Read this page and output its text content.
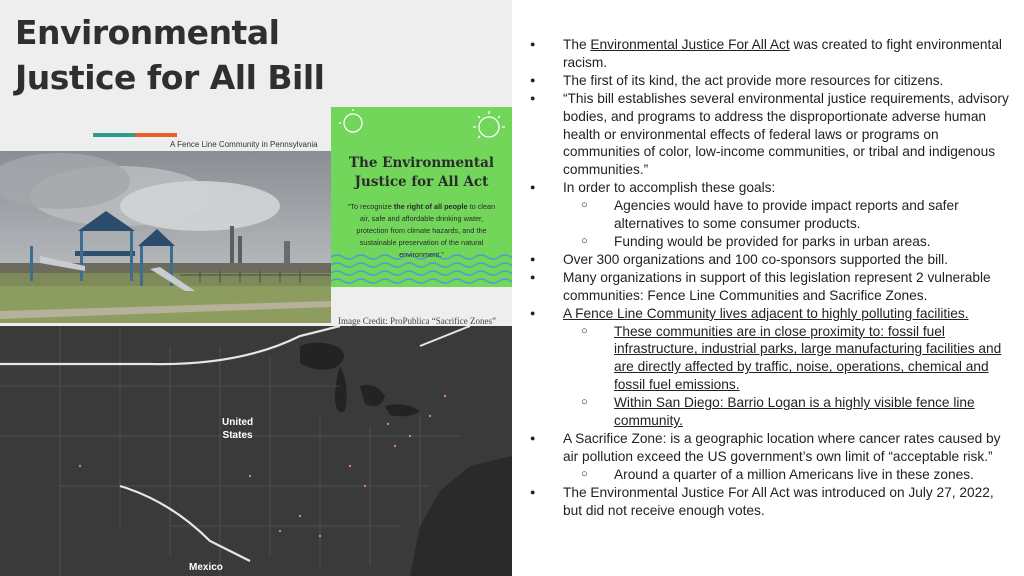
Environmental Justice for All Bill
A Fence Line Community in Pennsylvania
The Environmental
Justice for All Act
"To recognize the right of all people to clean air, safe and affordable drinking water, protection from climate hazards, and the sustainable preservation of the natural environment."
Image Credit: ProPublica “Sacrifice Zones”
United
States
Mexico
● The Environmental Justice For All Act was created to fight environmental racism.
● The first of its kind, the act provide more resources for citizens.
● “This bill establishes several environmental justice requirements, advisory bodies, and programs to address the disproportionate adverse human health or environmental effects of federal laws or programs on communities of color, low-income communities, or tribal and indigenous communities.”
● In order to accomplish these goals:
○ Agencies would have to provide impact reports and safer alternatives to some consumer products.
○ Funding would be provided for parks in urban areas.
● Over 300 organizations and 100 co-sponsors supported the bill.
● Many organizations in support of this legislation represent 2 vulnerable communities: Fence Line Communities and Sacrifice Zones.
● A Fence Line Community lives adjacent to highly polluting facilities.
○ These communities are in close proximity to: fossil fuel infrastructure, industrial parks, large manufacturing facilities and are directly affected by traffic, noise, operations, chemical and fossil fuel emissions.
○ Within San Diego: Barrio Logan is a highly visible fence line community.
● A Sacrifice Zone: is a geographic location where cancer rates caused by air pollution exceed the US government’s own limit of “acceptable risk.”
○ Around a quarter of a million Americans live in these zones.
● The Environmental Justice For All Act was introduced on July 27, 2022, but did not receive enough votes.
